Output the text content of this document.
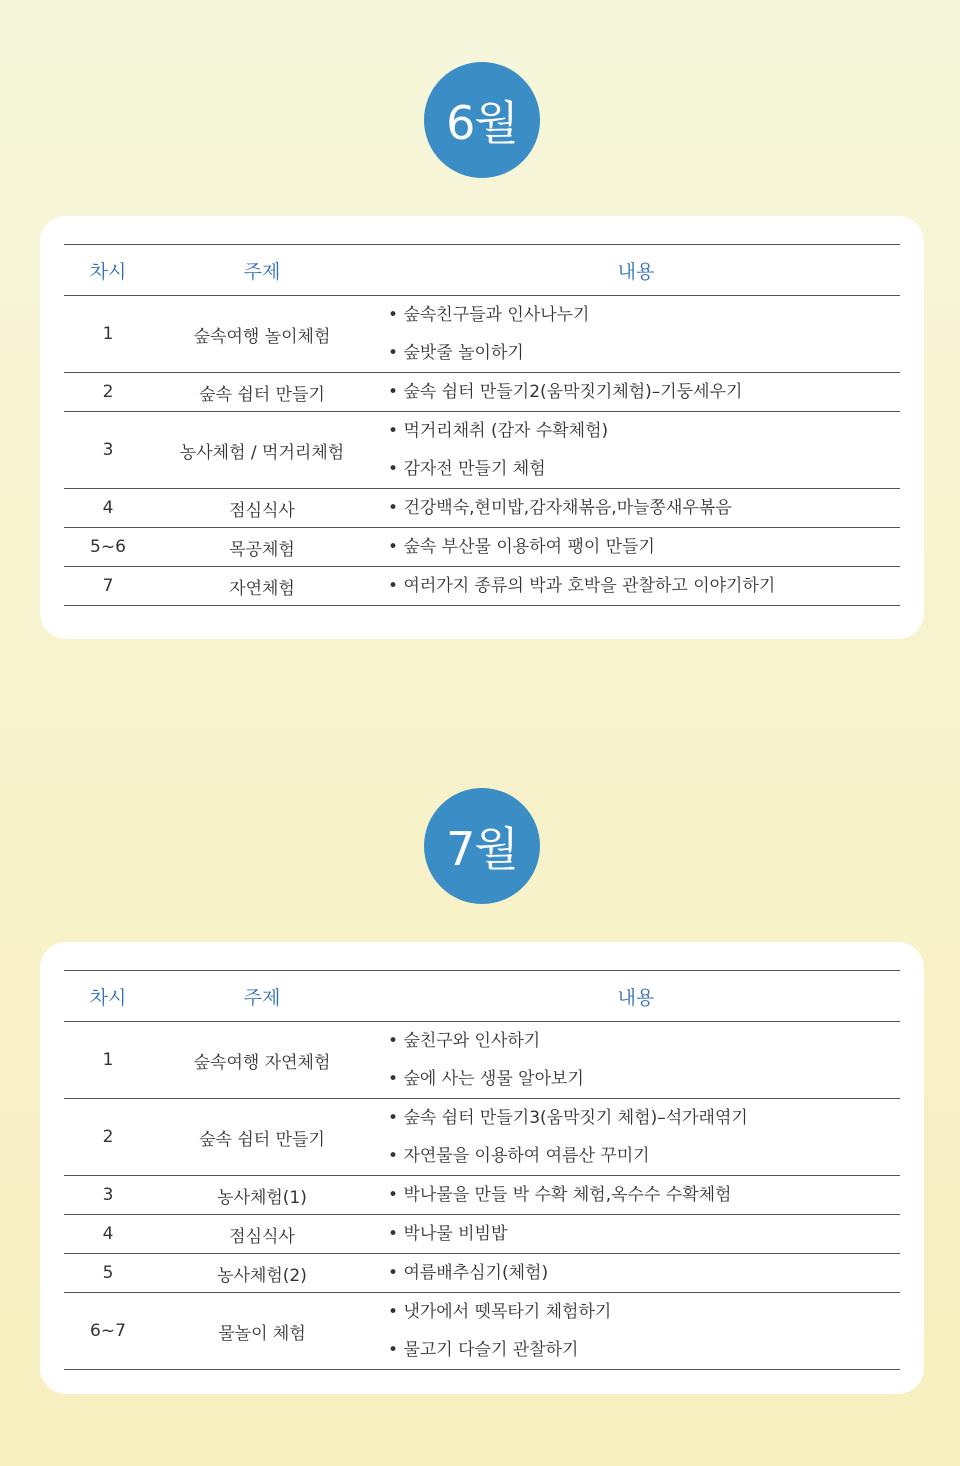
6월
차시	주제	내용
1	숲속여행 놀이체험	• 숲속친구들과 인사나누기
• 숲밧줄 놀이하기

2	숲속 쉼터 만들기	• 숲속 쉼터 만들기2(움막짓기체험)–기둥세우기

3	농사체험 / 먹거리체험	• 먹거리채취 (감자 수확체험)
• 감자전 만들기 체험

4	점심식사	• 건강백숙,현미밥,감자채볶음,마늘쫑새우볶음

5~6	목공체험	• 숲속 부산물 이용하여 팽이 만들기

7	자연체험	• 여러가지 종류의 박과 호박을 관찰하고 이야기하기
7월
차시	주제	내용
1	숲속여행 자연체험	• 숲친구와 인사하기
• 숲에 사는 생물 알아보기

2	숲속 쉼터 만들기	• 숲속 쉼터 만들기3(움막짓기 체험)–석가래엮기
• 자연물을 이용하여 여름산 꾸미기

3	농사체험(1)	• 박나물을 만들 박 수확 체험,옥수수 수확체험

4	점심식사	• 박나물 비빔밥

5	농사체험(2)	• 여름배추심기(체험)

6~7	물놀이 체험	• 냇가에서 뗏목타기 체험하기
• 물고기 다슬기 관찰하기
